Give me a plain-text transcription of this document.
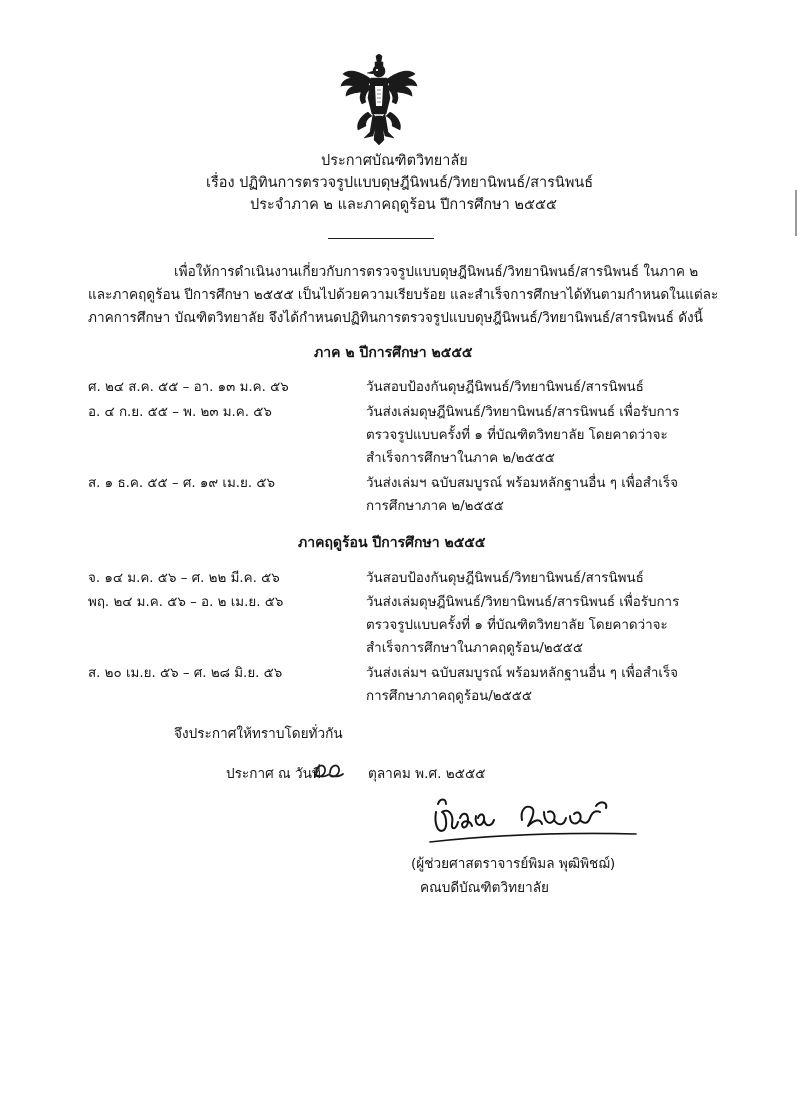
ประกาศบัณฑิตวิทยาลัย
เรื่อง ปฏิทินการตรวจรูปแบบดุษฎีนิพนธ์/วิทยานิพนธ์/สารนิพนธ์
ประจำภาค ๒ และภาคฤดูร้อน ปีการศึกษา ๒๕๕๕
เพื่อให้การดำเนินงานเกี่ยวกับการตรวจรูปแบบดุษฎีนิพนธ์/วิทยานิพนธ์/สารนิพนธ์ ในภาค ๒
และภาคฤดูร้อน ปีการศึกษา ๒๕๕๕ เป็นไปด้วยความเรียบร้อย และสำเร็จการศึกษาได้ทันตามกำหนดในแต่ละ
ภาคการศึกษา บัณฑิตวิทยาลัย จึงได้กำหนดปฏิทินการตรวจรูปแบบดุษฎีนิพนธ์/วิทยานิพนธ์/สารนิพนธ์ ดังนี้
ภาค ๒ ปีการศึกษา ๒๕๕๕
ศ. ๒๔ ส.ค. ๕๕ – อา. ๑๓ ม.ค. ๕๖	วันสอบป้องกันดุษฎีนิพนธ์/วิทยานิพนธ์/สารนิพนธ์
อ. ๔ ก.ย. ๕๕ – พ. ๒๓ ม.ค. ๕๖	วันส่งเล่มดุษฎีนิพนธ์/วิทยานิพนธ์/สารนิพนธ์ เพื่อรับการ
ตรวจรูปแบบครั้งที่ ๑ ที่บัณฑิตวิทยาลัย โดยคาดว่าจะ
สำเร็จการศึกษาในภาค ๒/๒๕๕๕
ส. ๑ ธ.ค. ๕๕ – ศ. ๑๙ เม.ย. ๕๖	วันส่งเล่มฯ ฉบับสมบูรณ์ พร้อมหลักฐานอื่น ๆ เพื่อสำเร็จ
การศึกษาภาค ๒/๒๕๕๕
ภาคฤดูร้อน ปีการศึกษา ๒๕๕๕
จ. ๑๔ ม.ค. ๕๖ – ศ. ๒๒ มี.ค. ๕๖	วันสอบป้องกันดุษฎีนิพนธ์/วิทยานิพนธ์/สารนิพนธ์
พฤ. ๒๔ ม.ค. ๕๖ – อ. ๒ เม.ย. ๕๖	วันส่งเล่มดุษฎีนิพนธ์/วิทยานิพนธ์/สารนิพนธ์ เพื่อรับการ
ตรวจรูปแบบครั้งที่ ๑ ที่บัณฑิตวิทยาลัย โดยคาดว่าจะ
สำเร็จการศึกษาในภาคฤดูร้อน/๒๕๕๕
ส. ๒๐ เม.ย. ๕๖ – ศ. ๒๘ มิ.ย. ๕๖	วันส่งเล่มฯ ฉบับสมบูรณ์ พร้อมหลักฐานอื่น ๆ เพื่อสำเร็จ
การศึกษาภาคฤดูร้อน/๒๕๕๕
จึงประกาศให้ทราบโดยทั่วกัน
ประกาศ ณ วันที่	ตุลาคม พ.ศ. ๒๕๕๕
(ผู้ช่วยศาสตราจารย์พิมล พุฒิพิชฌ์)
คณบดีบัณฑิตวิทยาลัย
